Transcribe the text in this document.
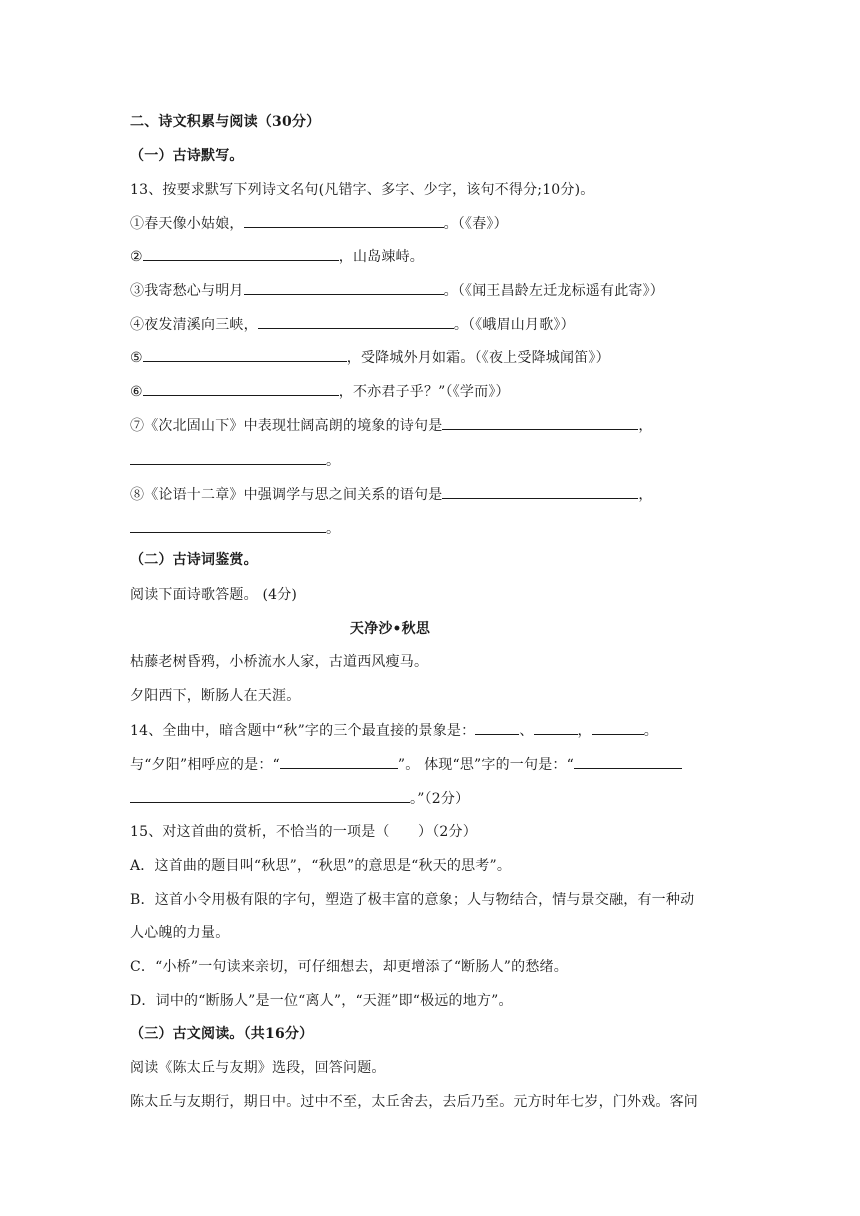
二、诗文积累与阅读（30分）
（一）古诗默写。
13、按要求默写下列诗文名句(凡错字、多字、少字，该句不得分;10分)。
①春天像小姑娘，	。（《春》）
②	，山岛竦峙。
③我寄愁心与明月	。（《闻王昌龄左迁龙标遥有此寄》）
④夜发清溪向三峡，	。（《峨眉山月歌》）
⑤	，受降城外月如霜。（《夜上受降城闻笛》）
⑥	，不亦君子乎？”（《学而》）
⑦《次北固山下》中表现壮阔高朗的境象的诗句是	，
。
⑧《论语十二章》中强调学与思之间关系的语句是	，
。
（二）古诗词鉴赏。
阅读下面诗歌答题。 (4分)
天净沙•秋思
枯藤老树昏鸦，小桥流水人家，古道西风瘦马。
夕阳西下，断肠人在天涯。
14、全曲中，暗含题中“秋”字的三个最直接的景象是：	、	，	。
与“夕阳”相呼应的是：“	”。 体现“思”字的一句是：“
。”（2分）
15、对这首曲的赏析，不恰当的一项是（　　）（2分）
A．这首曲的题目叫“秋思”，“秋思”的意思是“秋天的思考”。
B．这首小令用极有限的字句，塑造了极丰富的意象；人与物结合，情与景交融，有一种动
人心魄的力量。
C．“小桥”一句读来亲切，可仔细想去，却更增添了“断肠人”的愁绪。
D．词中的“断肠人”是一位“离人”，“天涯”即“极远的地方”。
（三）古文阅读。（共16分）
阅读《陈太丘与友期》选段，回答问题。
陈太丘与友期行，期日中。过中不至，太丘舍去，去后乃至。元方时年七岁，门外戏。客问
